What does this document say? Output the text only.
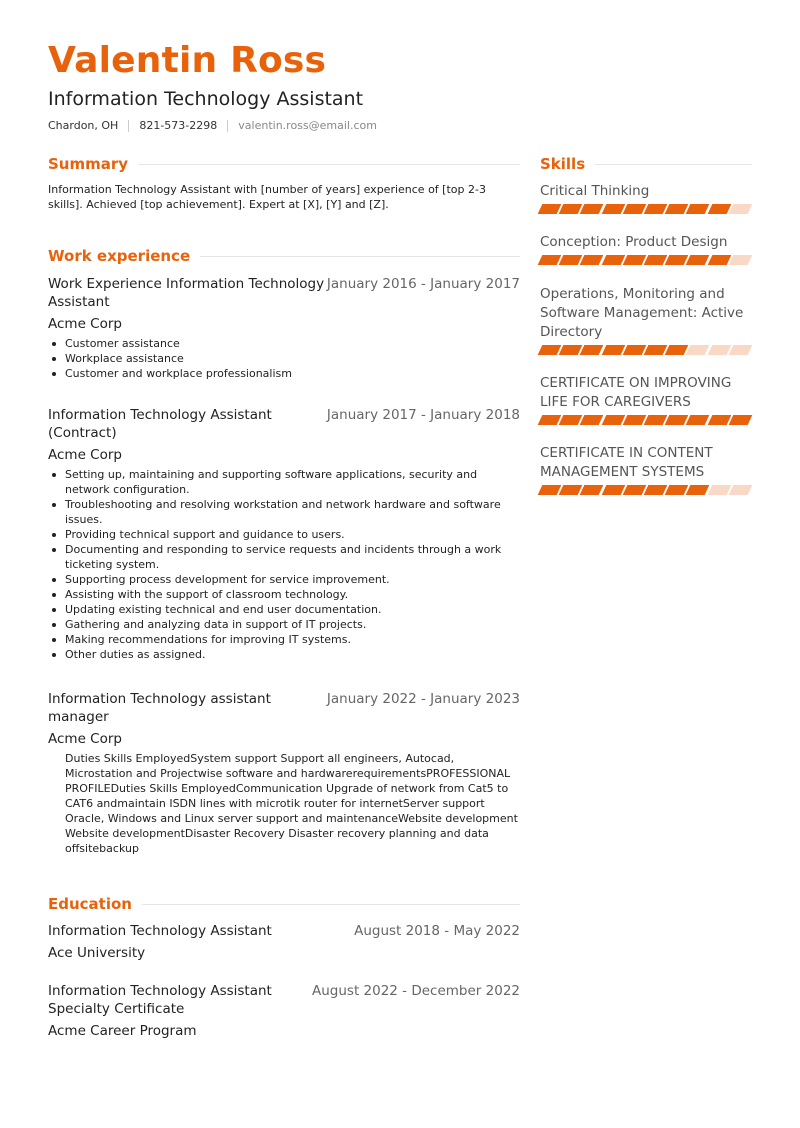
Valentin Ross
Information Technology Assistant
Chardon, OH 821-573-2298 valentin.ross@email.com
Summary
Information Technology Assistant with [number of years] experience of [top 2-3 skills]. Achieved [top achievement]. Expert at [X], [Y] and [Z].
Work experience
Work Experience Information Technology Assistant
January 2016 - January 2017
Acme Corp
Customer assistance
Workplace assistance
Customer and workplace professionalism
Information Technology Assistant (Contract)
January 2017 - January 2018
Acme Corp
Setting up, maintaining and supporting software applications, security and network configuration.
Troubleshooting and resolving workstation and network hardware and software issues.
Providing technical support and guidance to users.
Documenting and responding to service requests and incidents through a work ticketing system.
Supporting process development for service improvement.
Assisting with the support of classroom technology.
Updating existing technical and end user documentation.
Gathering and analyzing data in support of IT projects.
Making recommendations for improving IT systems.
Other duties as assigned.
Information Technology assistant manager
January 2022 - January 2023
Acme Corp
Duties Skills EmployedSystem support Support all engineers, Autocad, Microstation and Projectwise software and hardwarerequirementsPROFESSIONAL PROFILEDuties Skills EmployedCommunication Upgrade of network from Cat5 to CAT6 andmaintain ISDN lines with microtik router for internetServer support Oracle, Windows and Linux server support and maintenanceWebsite development Website developmentDisaster Recovery Disaster recovery planning and data offsitebackup
Education
Information Technology Assistant	August 2018 - May 2022
Ace University
Information Technology Assistant Specialty Certificate
August 2022 - December 2022
Acme Career Program
Skills
Critical Thinking
Conception: Product Design
Operations, Monitoring and Software Management: Active Directory
CERTIFICATE ON IMPROVING LIFE FOR CAREGIVERS
CERTIFICATE IN CONTENT MANAGEMENT SYSTEMS
